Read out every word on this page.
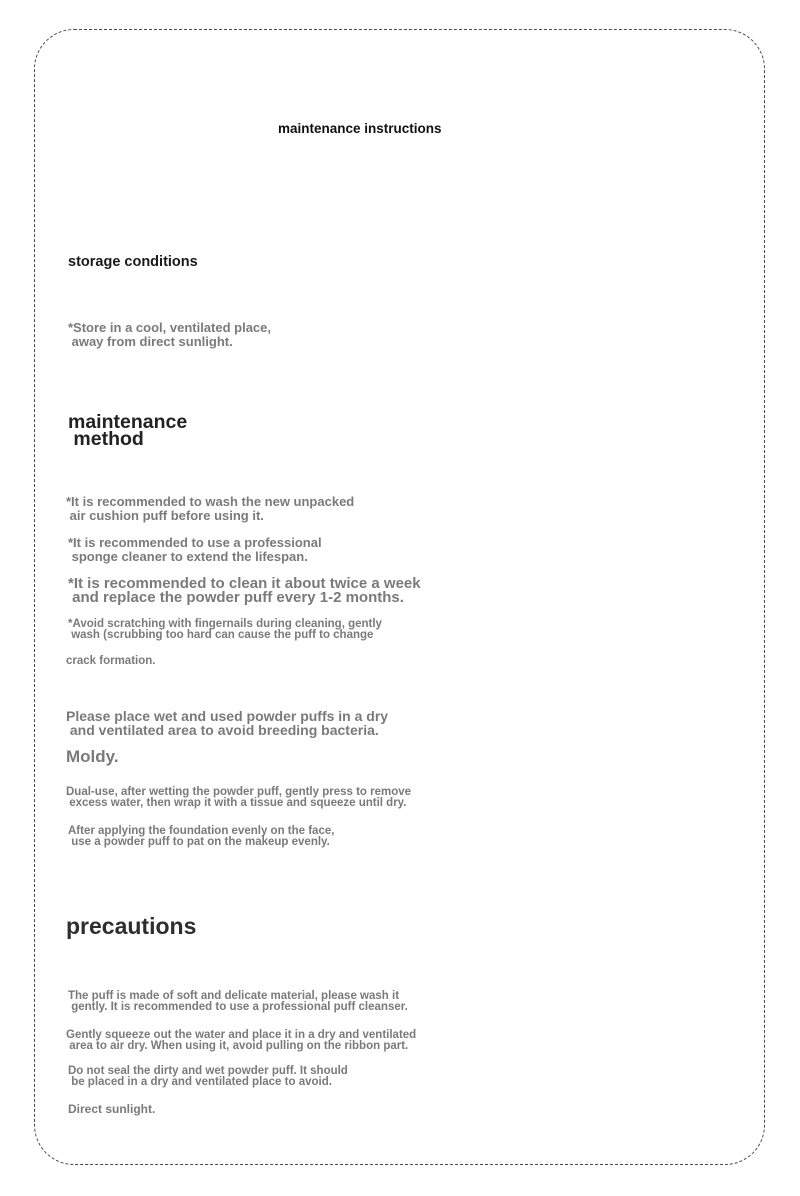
maintenance instructions

storage conditions

*Store in a cool, ventilated place,
away from direct sunlight.

maintenance
method

*It is recommended to wash the new unpacked
air cushion puff before using it.

*It is recommended to use a professional
sponge cleaner to extend the lifespan.

*It is recommended to clean it about twice a week
and replace the powder puff every 1-2 months.

*Avoid scratching with fingernails during cleaning, gently
wash (scrubbing too hard can cause the puff to change

crack formation.

Please place wet and used powder puffs in a dry
and ventilated area to avoid breeding bacteria.

Moldy.

Dual-use, after wetting the powder puff, gently press to remove
excess water, then wrap it with a tissue and squeeze until dry.

After applying the foundation evenly on the face,
use a powder puff to pat on the makeup evenly.

precautions

The puff is made of soft and delicate material, please wash it
gently. It is recommended to use a professional puff cleanser.

Gently squeeze out the water and place it in a dry and ventilated
area to air dry. When using it, avoid pulling on the ribbon part.

Do not seal the dirty and wet powder puff. It should
be placed in a dry and ventilated place to avoid.

Direct sunlight.
